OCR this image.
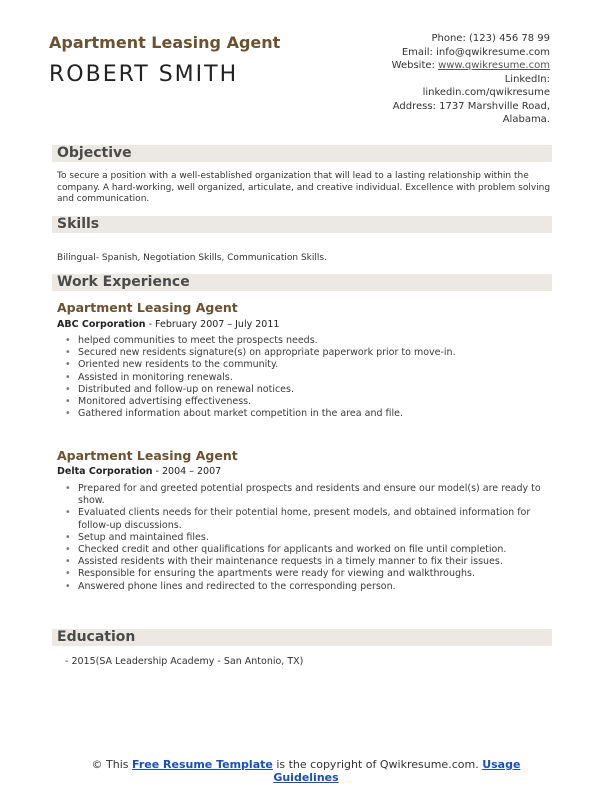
Apartment Leasing Agent
ROBERT SMITH
Phone: (123) 456 78 99
Email: info@qwikresume.com
Website: www.qwikresume.com
LinkedIn:
linkedin.com/qwikresume
Address: 1737 Marshville Road,
Alabama.
Objective
To secure a position with a well-established organization that will lead to a lasting relationship within the company. A hard-working, well organized, articulate, and creative individual. Excellence with problem solving and communication.
Skills
Bilingual- Spanish, Negotiation Skills, Communication Skills.
Work Experience
Apartment Leasing Agent
ABC Corporation - February 2007 – July 2011
• helped communities to meet the prospects needs.
• Secured new residents signature(s) on appropriate paperwork prior to move-in.
• Oriented new residents to the community.
• Assisted in monitoring renewals.
• Distributed and follow-up on renewal notices.
• Monitored advertising effectiveness.
• Gathered information about market competition in the area and file.
Apartment Leasing Agent
Delta Corporation - 2004 – 2007
• Prepared for and greeted potential prospects and residents and ensure our model(s) are ready to show.
• Evaluated clients needs for their potential home, present models, and obtained information for follow-up discussions.
• Setup and maintained files.
• Checked credit and other qualifications for applicants and worked on file until completion.
• Assisted residents with their maintenance requests in a timely manner to fix their issues.
• Responsible for ensuring the apartments were ready for viewing and walkthroughs.
• Answered phone lines and redirected to the corresponding person.
Education
- 2015(SA Leadership Academy - San Antonio, TX)
© This Free Resume Template is the copyright of Qwikresume.com. Usage
Guidelines
